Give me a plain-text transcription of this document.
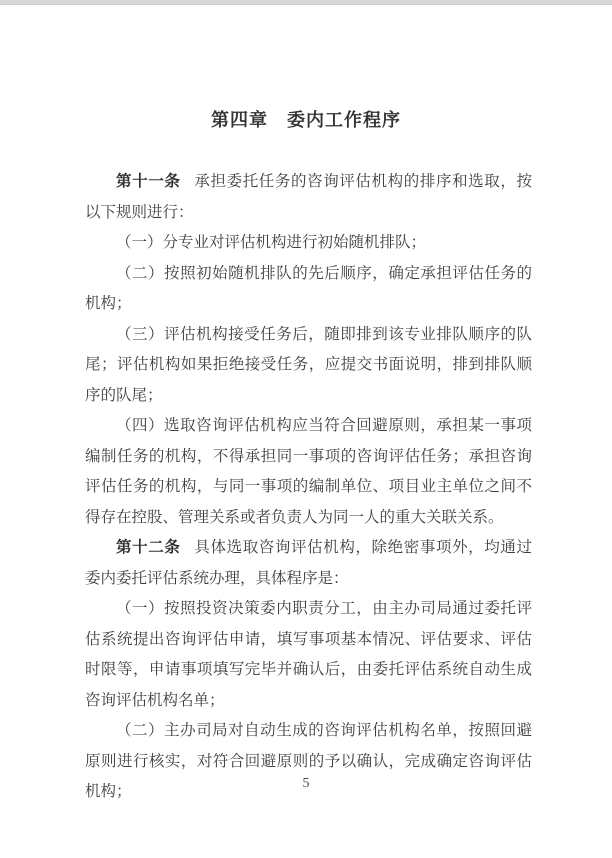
第四章　委内工作程序

第十一条 承担委托任务的咨询评估机构的排序和选取，按以下规则进行：

（一）分专业对评估机构进行初始随机排队；

（二）按照初始随机排队的先后顺序，确定承担评估任务的机构；

（三）评估机构接受任务后，随即排到该专业排队顺序的队尾；评估机构如果拒绝接受任务，应提交书面说明，排到排队顺序的队尾；

（四）选取咨询评估机构应当符合回避原则，承担某一事项编制任务的机构，不得承担同一事项的咨询评估任务；承担咨询评估任务的机构，与同一事项的编制单位、项目业主单位之间不得存在控股、管理关系或者负责人为同一人的重大关联关系。

第十二条 具体选取咨询评估机构，除绝密事项外，均通过委内委托评估系统办理，具体程序是：

（一）按照投资决策委内职责分工，由主办司局通过委托评估系统提出咨询评估申请，填写事项基本情况、评估要求、评估时限等，申请事项填写完毕并确认后，由委托评估系统自动生成咨询评估机构名单；

（二）主办司局对自动生成的咨询评估机构名单，按照回避原则进行核实，对符合回避原则的予以确认，完成确定咨询评估机构；	5
